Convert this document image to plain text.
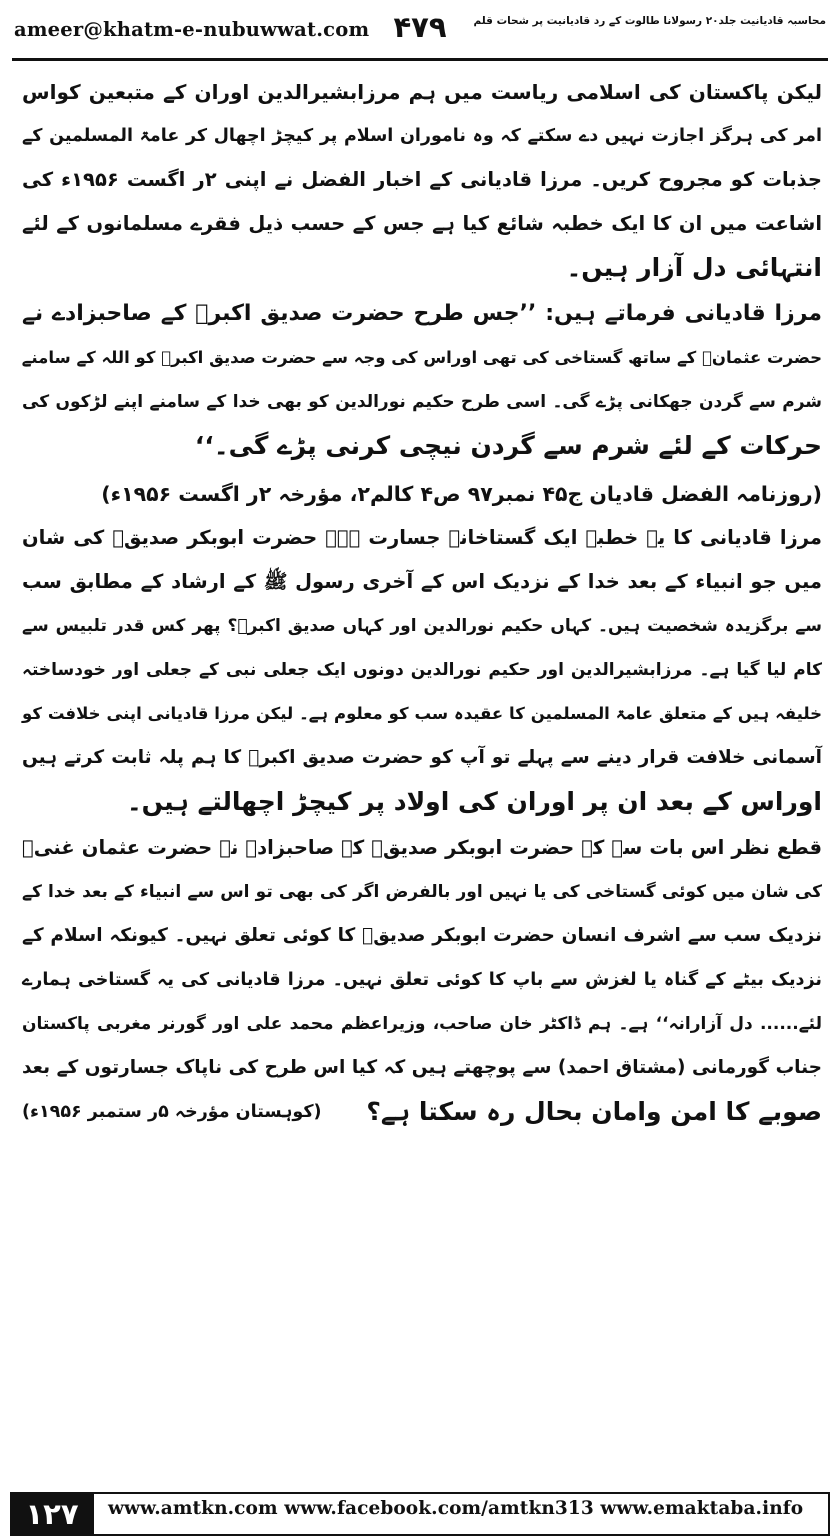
ameer@khatm-e-nubuwwat.com ۴۷۹	محاسبہ قادیانیت جلد۲۰ رسولانا طالوت کے رد قادیانیت پر شحات قلم
لیکن پاکستان کی اسلامی ریاست میں ہم مرزابشیرالدین اوران کے متبعین کواس
امر کی ہرگز اجازت نہیں دے سکتے کہ وہ ناموران اسلام پر کیچڑ اچھال کر عامۃ المسلمین کے
جذبات کو مجروح کریں۔ مرزا قادیانی کے اخبار الفضل نے اپنی ۲ر اگست ۱۹۵۶ء کی
اشاعت میں ان کا ایک خطبہ شائع کیا ہے جس کے حسب ذیل فقرے مسلمانوں کے لئے
انتہائی دل آزار ہیں۔
مرزا قادیانی فرماتے ہیں: ’’جس طرح حضرت صدیق اکبرؓ کے صاحبزادے نے
حضرت عثمانؓ کے ساتھ گستاخی کی تھی اوراس کی وجہ سے حضرت صدیق اکبرؓ کو اللہ کے سامنے
شرم سے گردن جھکانی پڑے گی۔ اسی طرح حکیم نورالدین کو بھی خدا کے سامنے اپنے لڑکوں کی
حرکات کے لئے شرم سے گردن نیچی کرنی پڑے گی۔‘‘
(روزنامہ الفضل قادیان ج۴۵ نمبر۹۷ ص۴ کالم۲، مؤرخہ ۲ر اگست ۱۹۵۶ء)
مرزا قادیانی کا یہ خطبہ ایک گستاخانہ جسارت ہے۔ حضرت ابوبکر صدیقؓ کی شان
میں جو انبیاء کے بعد خدا کے نزدیک اس کے آخری رسول ﷺ کے ارشاد کے مطابق سب
سے برگزیدہ شخصیت ہیں۔ کہاں حکیم نورالدین اور کہاں صدیق اکبرؓ؟ پھر کس قدر تلبیس سے
کام لیا گیا ہے۔ مرزابشیرالدین اور حکیم نورالدین دونوں ایک جعلی نبی کے جعلی اور خودساختہ
خلیفہ ہیں کے متعلق عامۃ المسلمین کا عقیدہ سب کو معلوم ہے۔ لیکن مرزا قادیانی اپنی خلافت کو
آسمانی خلافت قرار دینے سے پہلے تو آپ کو حضرت صدیق اکبرؓ کا ہم پلہ ثابت کرتے ہیں
اوراس کے بعد ان پر اوران کی اولاد پر کیچڑ اچھالتے ہیں۔
قطع نظر اس بات سے کہ حضرت ابوبکر صدیقؓ کے صاحبزادہ نے حضرت عثمان غنیؓ
کی شان میں کوئی گستاخی کی یا نہیں اور بالفرض اگر کی بھی تو اس سے انبیاء کے بعد خدا کے
نزدیک سب سے اشرف انسان حضرت ابوبکر صدیقؓ کا کوئی تعلق نہیں۔ کیونکہ اسلام کے
نزدیک بیٹے کے گناہ یا لغزش سے باپ کا کوئی تعلق نہیں۔ مرزا قادیانی کی یہ گستاخی ہمارے
لئے...... دل آزارانہ‘‘ ہے۔ ہم ڈاکٹر خان صاحب، وزیراعظم محمد علی اور گورنر مغربی پاکستان
جناب گورمانی (مشتاق احمد) سے پوچھتے ہیں کہ کیا اس طرح کی ناپاک جسارتوں کے بعد
(کوہستان مؤرخہ ۵ر ستمبر ۱۹۵۶ء) صوبے کا امن وامان بحال رہ سکتا ہے؟
۱۲۷	www.amtkn.com www.facebook.com/amtkn313 www.emaktaba.info
